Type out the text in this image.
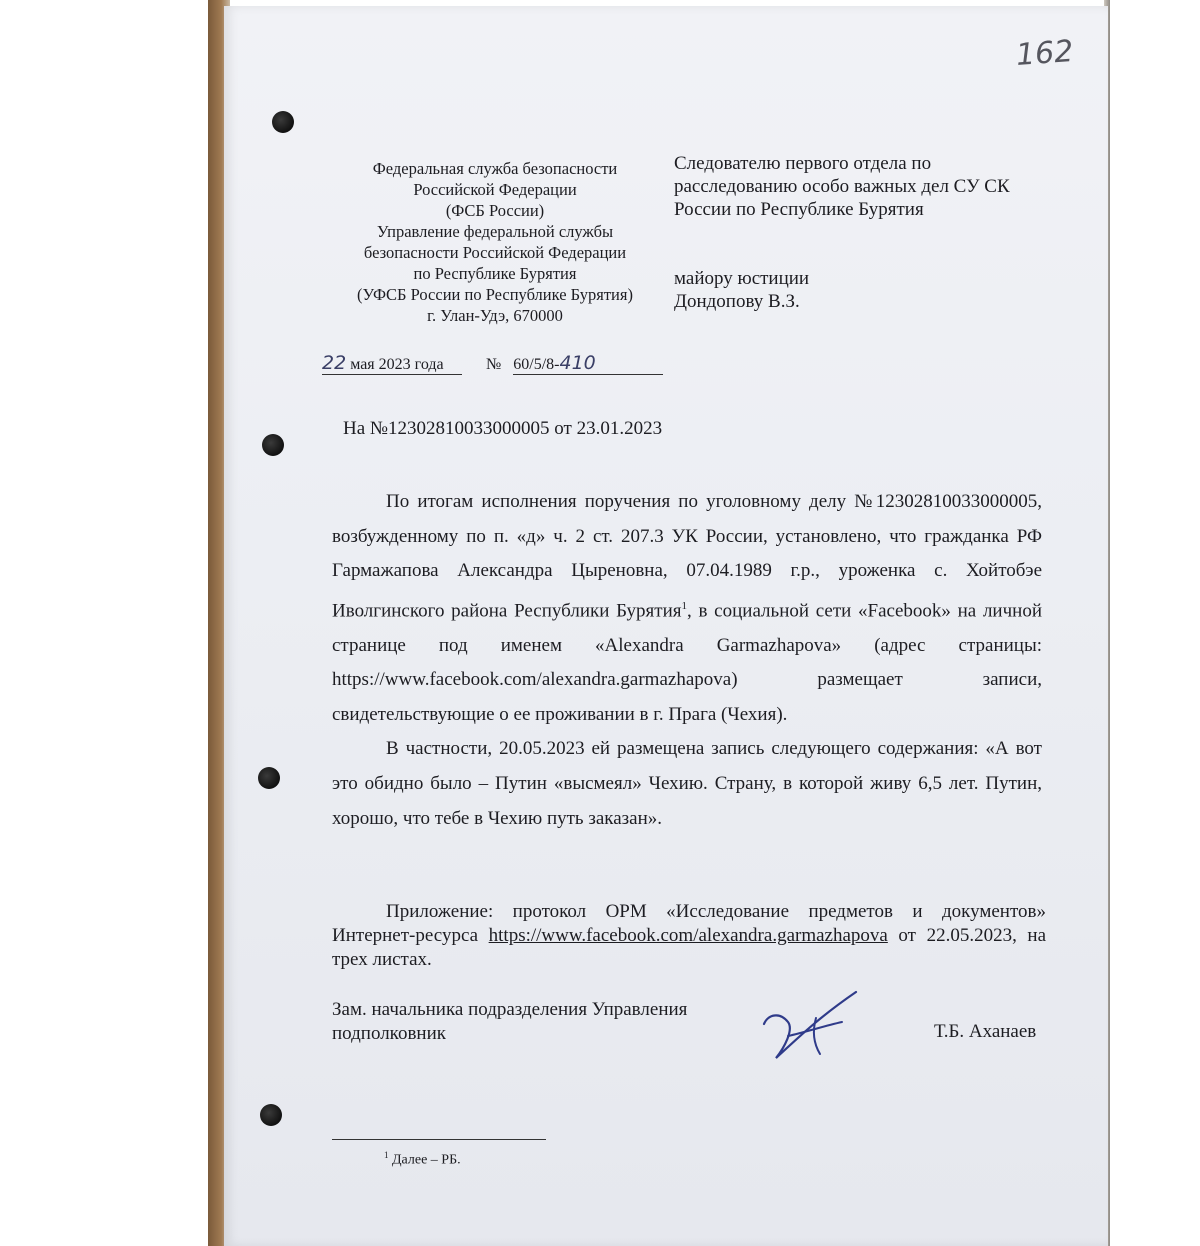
162
Федеральная служба безопасности
Российской Федерации
(ФСБ России)
Управление федеральной службы
безопасности Российской Федерации
по Республике Бурятия
(УФСБ России по Республике Бурятия)
г. Улан-Удэ, 670000
Следователю первого отдела по
расследованию особо важных дел СУ СК
России по Республике Бурятия
майору юстиции
Дондопову В.З.
22 мая 2023 года	№ 60/5/8-410
На №12302810033000005 от 23.01.2023

По итогам исполнения поручения по уголовному делу №12302810033000005, возбужденному по п. «д» ч. 2 ст. 207.3 УК России, установлено, что гражданка РФ Гармажапова Александра Цыреновна, 07.04.1989 г.р., уроженка с. Хойтобэе Иволгинского района Республики Бурятия$^1$, в социальной сети «Facebook» на личной странице под именем «Alexandra Garmazhapova» (адрес страницы: https://www.facebook.com/alexandra.garmazhapova) размещает записи, свидетельствующие о ее проживании в г. Прага (Чехия).

В частности, 20.05.2023 ей размещена запись следующего содержания: «А вот это обидно было – Путин «высмеял» Чехию. Страну, в которой живу 6,5 лет. Путин, хорошо, что тебе в Чехию путь заказан».

Приложение: протокол ОРМ «Исследование предметов и документов» Интернет-ресурса https://www.facebook.com/alexandra.garmazhapova от 22.05.2023, на трех листах.

Зам. начальника подразделения Управления
подполковник	Т.Б. Аханаев
$^1$ Далее – РБ.
